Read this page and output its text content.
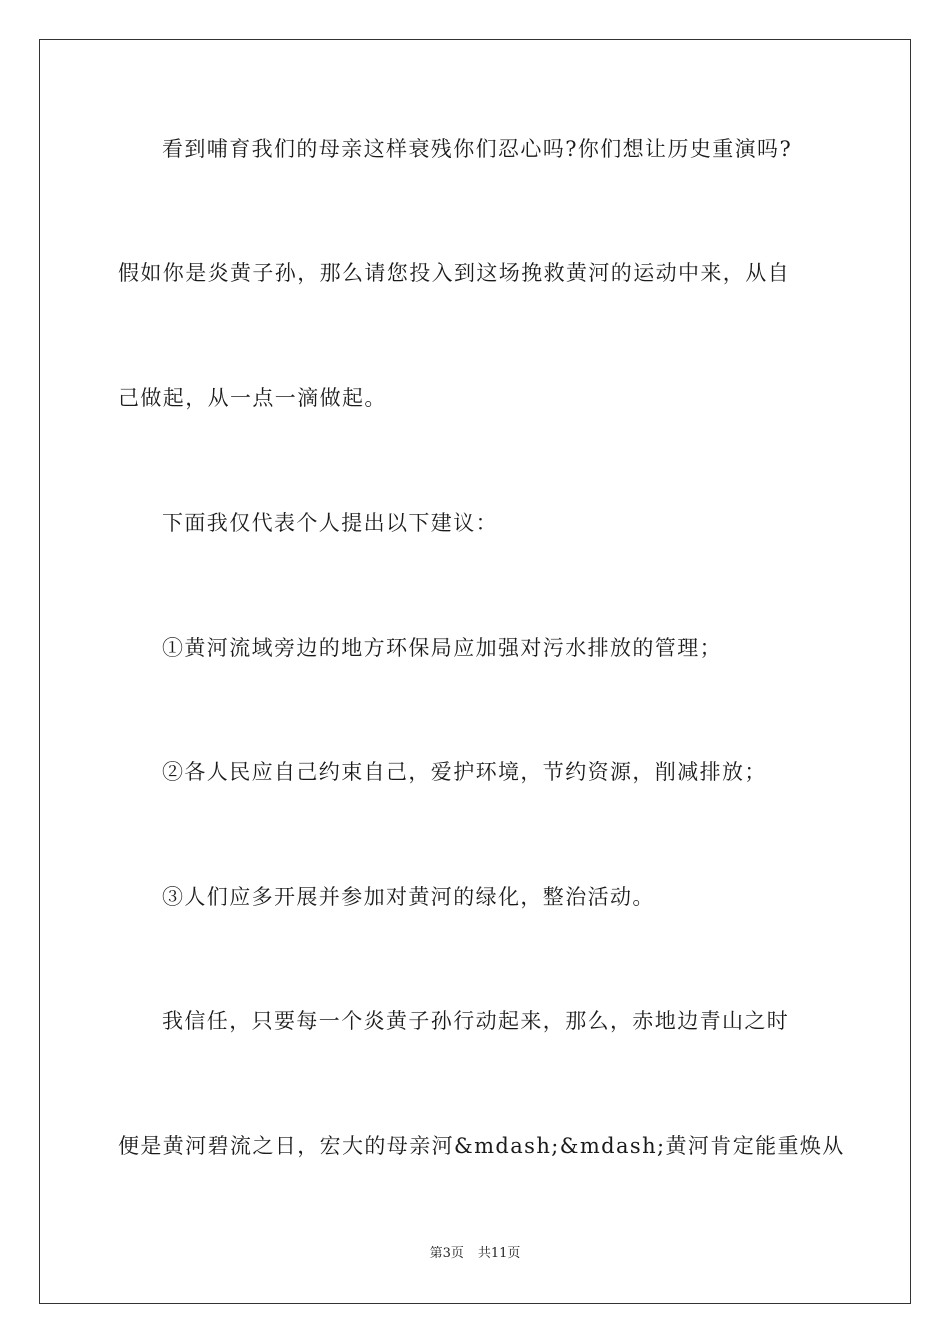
看到哺育我们的母亲这样衰残你们忍心吗?你们想让历史重演吗?
假如你是炎黄子孙，那么请您投入到这场挽救黄河的运动中来，从自
己做起，从一点一滴做起。
下面我仅代表个人提出以下建议：
①黄河流域旁边的地方环保局应加强对污水排放的管理；
②各人民应自己约束自己，爱护环境，节约资源，削减排放；
③人们应多开展并参加对黄河的绿化，整治活动。
我信任，只要每一个炎黄子孙行动起来，那么，赤地边青山之时
便是黄河碧流之日，宏大的母亲河&mdash;&mdash;黄河肯定能重焕从
第3页 共11页
